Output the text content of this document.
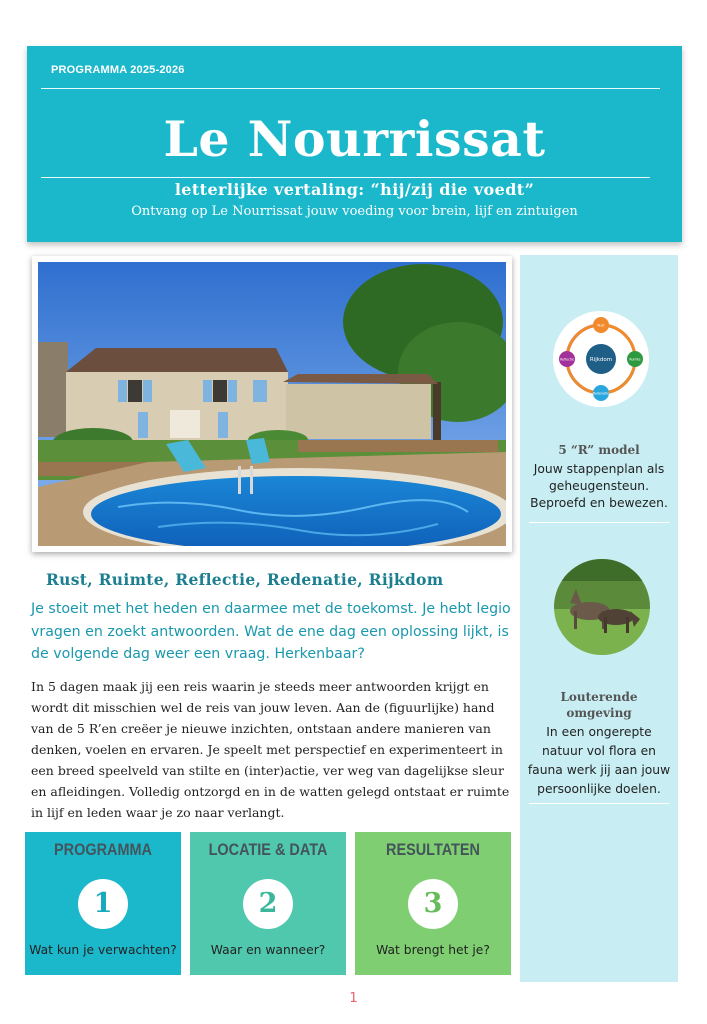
PROGRAMMA 2025-2026
Le Nourrissat
letterlijke vertaling: “hij/zij die voedt”
Ontvang op Le Nourrissat jouw voeding voor brein, lijf en zintuigen
Rijkdom
Rust
Ruimte
Redenatie
Reflectie
5 “R” model
Jouw stappenplan als
geheugensteun.
Beproefd en bewezen.
Louterende
omgeving
In een ongerepte
natuur vol flora en
fauna werk jij aan jouw
persoonlijke doelen.
Rust, Ruimte, Reflectie, Redenatie, Rijkdom
Je stoeit met het heden en daarmee met de toekomst. Je hebt legio vragen en zoekt antwoorden. Wat de ene dag een oplossing lijkt, is de volgende dag weer een vraag. Herkenbaar?
In 5 dagen maak jij een reis waarin je steeds meer antwoorden krijgt en wordt dit misschien wel de reis van jouw leven. Aan de (figuurlijke) hand van de 5 R’en creëer je nieuwe inzichten, ontstaan andere manieren van denken, voelen en ervaren. Je speelt met perspectief en experimenteert in een breed speelveld van stilte en (inter)actie, ver weg van dagelijkse sleur en afleidingen. Volledig ontzorgd en in de watten gelegd ontstaat er ruimte in lijf en leden waar je zo naar verlangt.
PROGRAMMA
1
Wat kun je verwachten?
LOCATIE & DATA
2
Waar en wanneer?
RESULTATEN
3
Wat brengt het je?
1
